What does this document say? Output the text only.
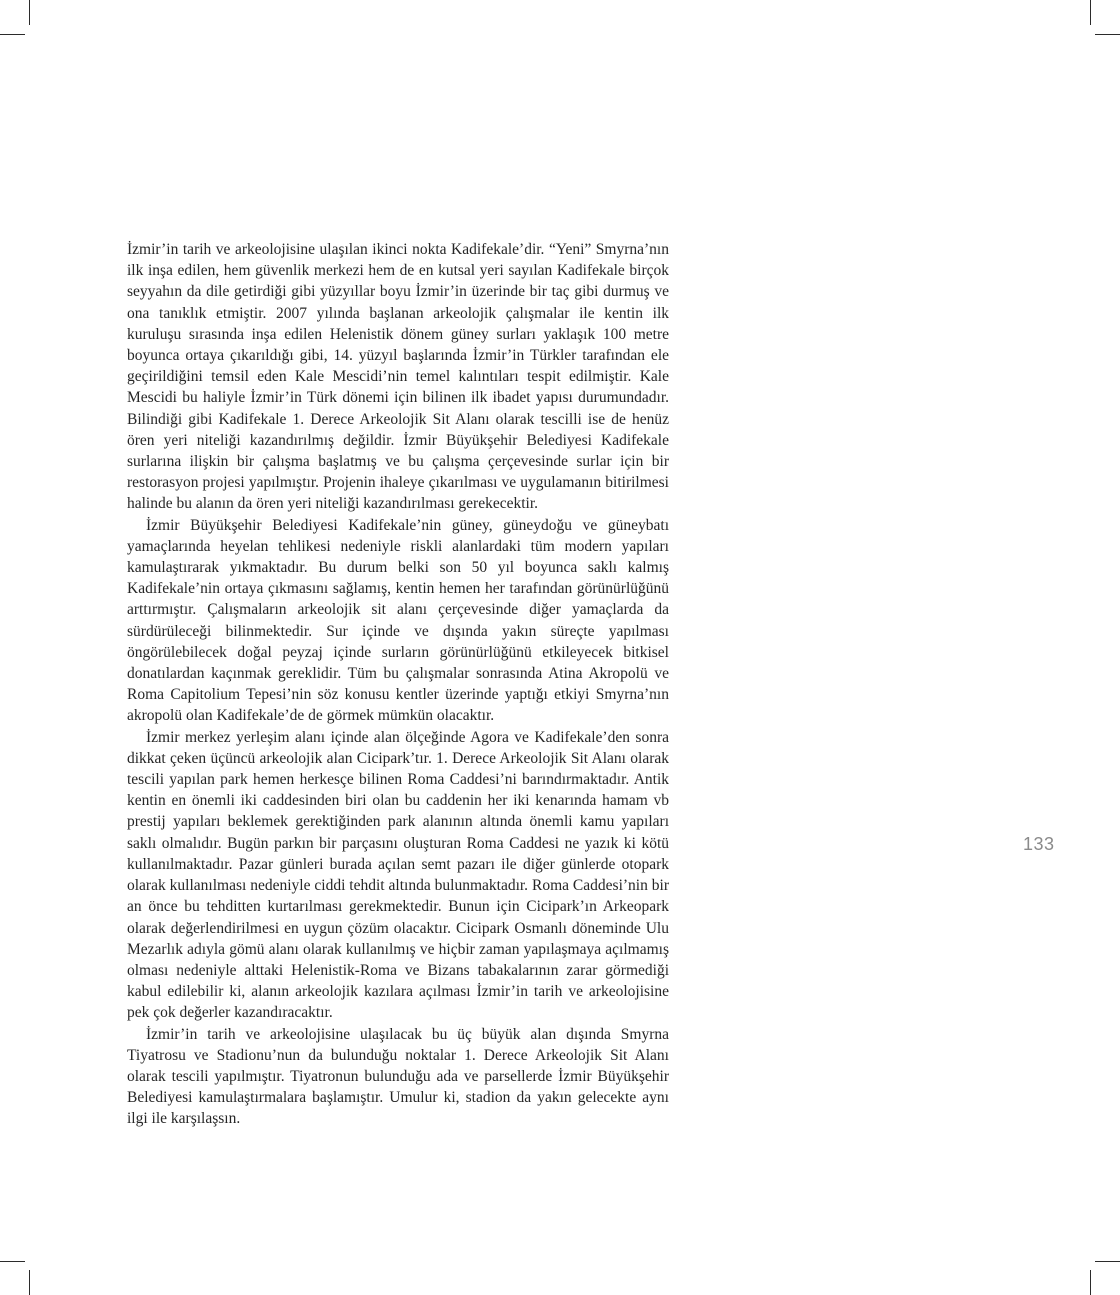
İzmir’in tarih ve arkeolojisine ulaşılan ikinci nokta Kadifekale’dir. “Yeni” Smyrna’nın ilk inşa edilen, hem güvenlik merkezi hem de en kutsal yeri sayılan Kadifekale birçok seyyahın da dile getirdiği gibi yüzyıllar boyu İzmir’in üzerinde bir taç gibi durmuş ve ona tanıklık etmiştir. 2007 yılında başlanan arkeolojik çalışmalar ile kentin ilk kuruluşu sırasında inşa edilen Helenistik dönem güney surları yaklaşık 100 metre boyunca ortaya çıkarıldığı gibi, 14. yüzyıl başlarında İzmir’in Türkler tarafından ele geçirildiğini temsil eden Kale Mescidi’nin temel kalıntıları tespit edilmiştir. Kale Mescidi bu haliyle İzmir’in Türk dönemi için bilinen ilk ibadet yapısı durumundadır. Bilindiği gibi Kadifekale 1. Derece Arkeolojik Sit Alanı olarak tescilli ise de henüz ören yeri niteliği kazandırılmış değildir. İzmir Büyükşehir Belediyesi Kadifekale surlarına ilişkin bir çalışma başlatmış ve bu çalışma çerçevesinde surlar için bir restorasyon projesi yapılmıştır. Projenin ihaleye çıkarılması ve uygulamanın bitirilmesi halinde bu alanın da ören yeri niteliği kazandırılması gerekecektir.

İzmir Büyükşehir Belediyesi Kadifekale’nin güney, güneydoğu ve güneybatı yamaçlarında heyelan tehlikesi nedeniyle riskli alanlardaki tüm modern yapıları kamulaştırarak yıkmaktadır. Bu durum belki son 50 yıl boyunca saklı kalmış Kadifekale’nin ortaya çıkmasını sağlamış, kentin hemen her tarafından görünürlüğünü arttırmıştır. Çalışmaların arkeolojik sit alanı çerçevesinde diğer yamaçlarda da sürdürüleceği bilinmektedir. Sur içinde ve dışında yakın süreçte yapılması öngörülebilecek doğal peyzaj içinde surların görünürlüğünü etkileyecek bitkisel donatılardan kaçınmak gereklidir. Tüm bu çalışmalar sonrasında Atina Akropolü ve Roma Capitolium Tepesi’nin söz konusu kentler üzerinde yaptığı etkiyi Smyrna’nın akropolü olan Kadifekale’de de görmek mümkün olacaktır.

İzmir merkez yerleşim alanı içinde alan ölçeğinde Agora ve Kadifekale’den sonra dikkat çeken üçüncü arkeolojik alan Cicipark’tır. 1. Derece Arkeolojik Sit Alanı olarak tescili yapılan park hemen herkesçe bilinen Roma Caddesi’ni barındırmaktadır. Antik kentin en önemli iki caddesinden biri olan bu caddenin her iki kenarında hamam vb prestij yapıları beklemek gerektiğinden park alanının altında önemli kamu yapıları saklı olmalıdır. Bugün parkın bir parçasını oluşturan Roma Caddesi ne yazık ki kötü kullanılmaktadır. Pazar günleri burada açılan semt pazarı ile diğer günlerde otopark olarak kullanılması nedeniyle ciddi tehdit altında bulunmaktadır. Roma Caddesi’nin bir an önce bu tehditten kurtarılması gerekmektedir. Bunun için Cicipark’ın Arkeopark olarak değerlendirilmesi en uygun çözüm olacaktır. Cicipark Osmanlı döneminde Ulu Mezarlık adıyla gömü alanı olarak kullanılmış ve hiçbir zaman yapılaşmaya açılmamış olması nedeniyle alttaki Helenistik-Roma ve Bizans tabakalarının zarar görmediği kabul edilebilir ki, alanın arkeolojik kazılara açılması İzmir’in tarih ve arkeolojisine pek çok değerler kazandıracaktır.

İzmir’in tarih ve arkeolojisine ulaşılacak bu üç büyük alan dışında Smyrna Tiyatrosu ve Stadionu’nun da bulunduğu noktalar 1. Derece Arkeolojik Sit Alanı olarak tescili yapılmıştır. Tiyatronun bulunduğu ada ve parsellerde İzmir Büyükşehir Belediyesi kamulaştırmalara başlamıştır. Umulur ki, stadion da yakın gelecekte aynı ilgi ile karşılaşsın.

133
